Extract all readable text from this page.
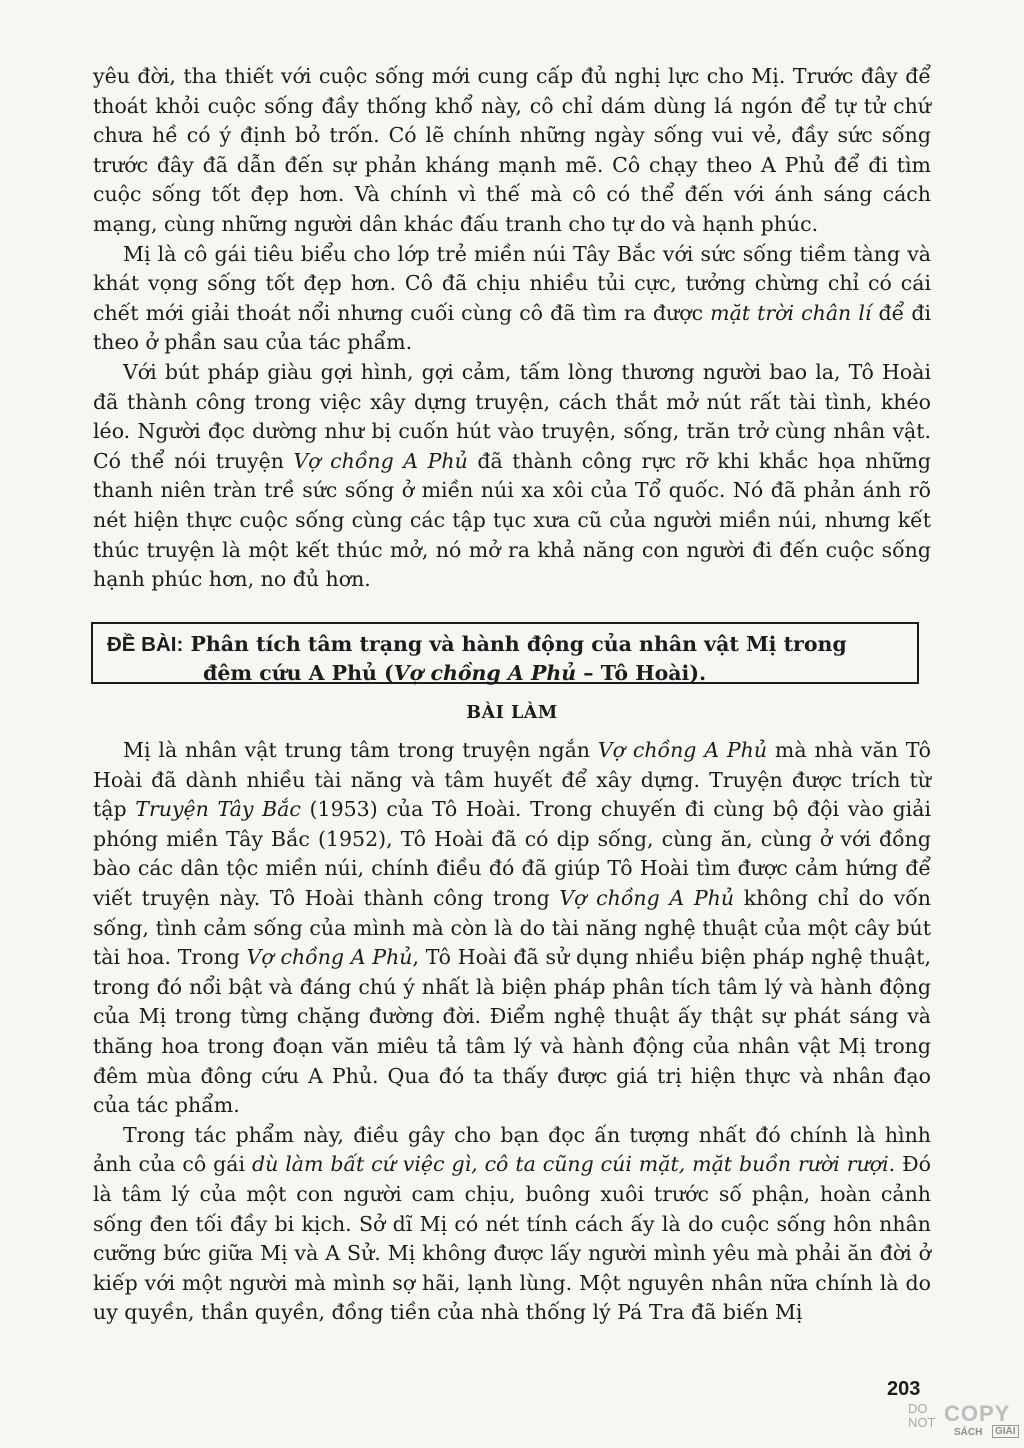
yêu đời, tha thiết với cuộc sống mới cung cấp đủ nghị lực cho Mị. Trước đây để thoát khỏi cuộc sống đầy thống khổ này, cô chỉ dám dùng lá ngón để tự tử chứ chưa hề có ý định bỏ trốn. Có lẽ chính những ngày sống vui vẻ, đầy sức sống trước đây đã dẫn đến sự phản kháng mạnh mẽ. Cô chạy theo A Phủ để đi tìm cuộc sống tốt đẹp hơn. Và chính vì thế mà cô có thể đến với ánh sáng cách mạng, cùng những người dân khác đấu tranh cho tự do và hạnh phúc.

Mị là cô gái tiêu biểu cho lớp trẻ miền núi Tây Bắc với sức sống tiềm tàng và khát vọng sống tốt đẹp hơn. Cô đã chịu nhiều tủi cực, tưởng chừng chỉ có cái chết mới giải thoát nổi nhưng cuối cùng cô đã tìm ra được mặt trời chân lí để đi theo ở phần sau của tác phẩm.

Với bút pháp giàu gợi hình, gợi cảm, tấm lòng thương người bao la, Tô Hoài đã thành công trong việc xây dựng truyện, cách thắt mở nút rất tài tình, khéo léo. Người đọc dường như bị cuốn hút vào truyện, sống, trăn trở cùng nhân vật. Có thể nói truyện Vợ chồng A Phủ đã thành công rực rỡ khi khắc họa những thanh niên tràn trề sức sống ở miền núi xa xôi của Tổ quốc. Nó đã phản ánh rõ nét hiện thực cuộc sống cùng các tập tục xưa cũ của người miền núi, nhưng kết thúc truyện là một kết thúc mở, nó mở ra khả năng con người đi đến cuộc sống hạnh phúc hơn, no đủ hơn.

ĐỀ BÀI: Phân tích tâm trạng và hành động của nhân vật Mị trong
đêm cứu A Phủ (Vợ chồng A Phủ – Tô Hoài).
BÀI LÀM

Mị là nhân vật trung tâm trong truyện ngắn Vợ chồng A Phủ mà nhà văn Tô Hoài đã dành nhiều tài năng và tâm huyết để xây dựng. Truyện được trích từ tập Truyện Tây Bắc (1953) của Tô Hoài. Trong chuyến đi cùng bộ đội vào giải phóng miền Tây Bắc (1952), Tô Hoài đã có dịp sống, cùng ăn, cùng ở với đồng bào các dân tộc miền núi, chính điều đó đã giúp Tô Hoài tìm được cảm hứng để viết truyện này. Tô Hoài thành công trong Vợ chồng A Phủ không chỉ do vốn sống, tình cảm sống của mình mà còn là do tài năng nghệ thuật của một cây bút tài hoa. Trong Vợ chồng A Phủ, Tô Hoài đã sử dụng nhiều biện pháp nghệ thuật, trong đó nổi bật và đáng chú ý nhất là biện pháp phân tích tâm lý và hành động của Mị trong từng chặng đường đời. Điểm nghệ thuật ấy thật sự phát sáng và thăng hoa trong đoạn văn miêu tả tâm lý và hành động của nhân vật Mị trong đêm mùa đông cứu A Phủ. Qua đó ta thấy được giá trị hiện thực và nhân đạo của tác phẩm.

Trong tác phẩm này, điều gây cho bạn đọc ấn tượng nhất đó chính là hình ảnh của cô gái dù làm bất cứ việc gì, cô ta cũng cúi mặt, mặt buồn rười rượi. Đó là tâm lý của một con người cam chịu, buông xuôi trước số phận, hoàn cảnh sống đen tối đầy bi kịch. Sở dĩ Mị có nét tính cách ấy là do cuộc sống hôn nhân cưỡng bức giữa Mị và A Sử. Mị không được lấy người mình yêu mà phải ăn đời ở kiếp với một người mà mình sợ hãi, lạnh lùng. Một nguyên nhân nữa chính là do uy quyền, thần quyền, đồng tiền của nhà thống lý Pá Tra đã biến Mị

203
DO
NOT COPY
SÁCH	GIẢI
